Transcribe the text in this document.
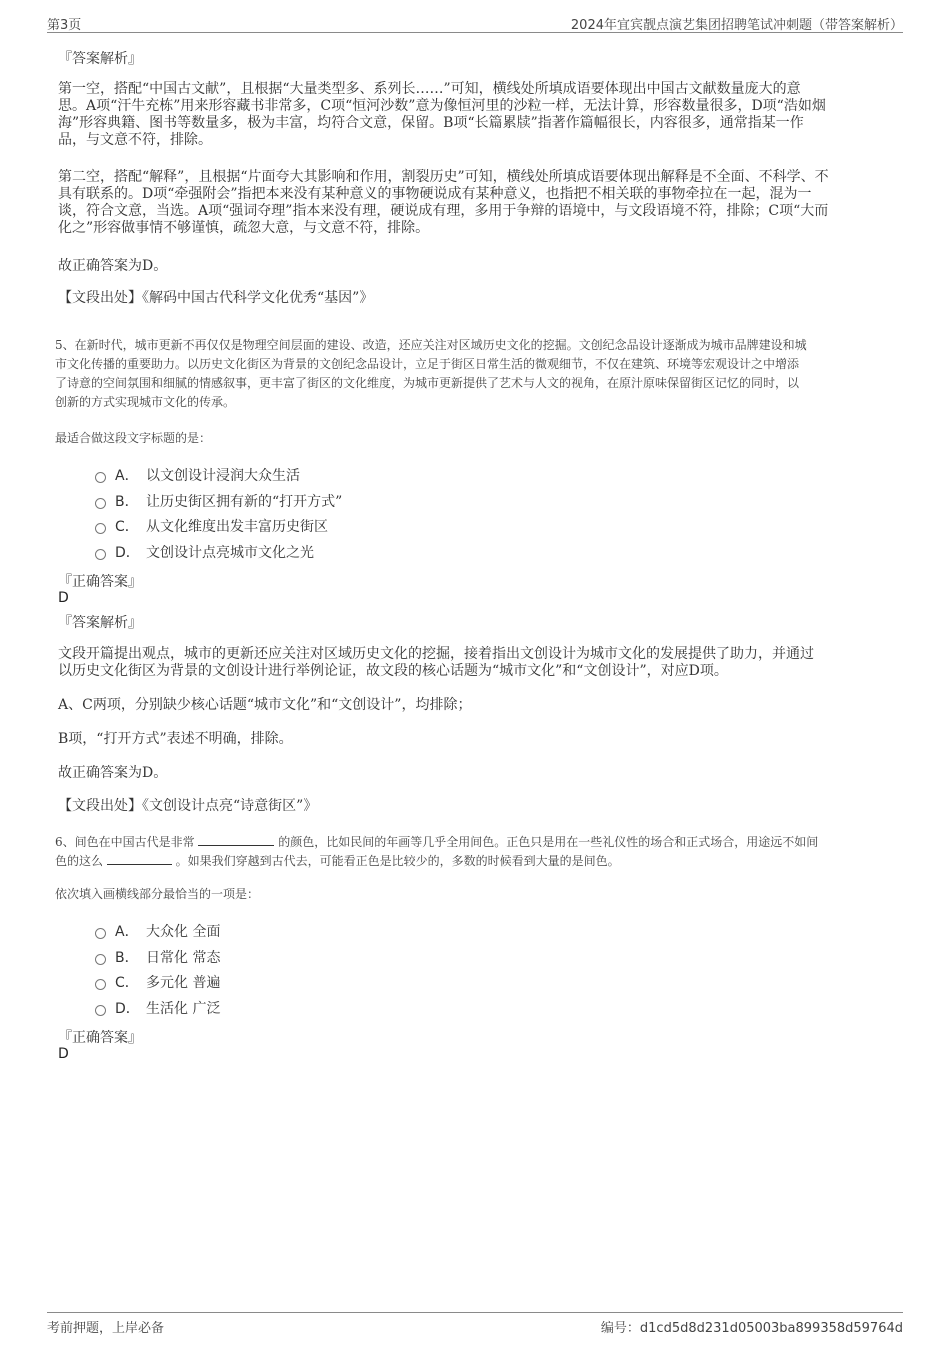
第3页	2024年宜宾靓点演艺集团招聘笔试冲刺题（带答案解析）
『答案解析』
第一空，搭配“中国古文献”，且根据“大量类型多、系列长……”可知，横线处所填成语要体现出中国古文献数量庞大的意
思。A项“汗牛充栋”用来形容藏书非常多，C项“恒河沙数”意为像恒河里的沙粒一样，无法计算，形容数量很多，D项“浩如烟
海”形容典籍、图书等数量多，极为丰富，均符合文意，保留。B项“长篇累牍”指著作篇幅很长，内容很多，通常指某一作
品，与文意不符，排除。
第二空，搭配“解释”，且根据“片面夸大其影响和作用，割裂历史”可知，横线处所填成语要体现出解释是不全面、不科学、不
具有联系的。D项“牵强附会”指把本来没有某种意义的事物硬说成有某种意义，也指把不相关联的事物牵拉在一起，混为一
谈，符合文意，当选。A项“强词夺理”指本来没有理，硬说成有理，多用于争辩的语境中，与文段语境不符，排除；C项“大而
化之”形容做事情不够谨慎，疏忽大意，与文意不符，排除。
故正确答案为D。
【文段出处】《解码中国古代科学文化优秀“基因”》
5、在新时代，城市更新不再仅仅是物理空间层面的建设、改造，还应关注对区域历史文化的挖掘。文创纪念品设计逐渐成为城市品牌建设和城
市文化传播的重要助力。以历史文化街区为背景的文创纪念品设计，立足于街区日常生活的微观细节，不仅在建筑、环境等宏观设计之中增添
了诗意的空间氛围和细腻的情感叙事，更丰富了街区的文化维度，为城市更新提供了艺术与人文的视角，在原汁原味保留街区记忆的同时，以
创新的方式实现城市文化的传承。
最适合做这段文字标题的是：
A． 以文创设计浸润大众生活
B． 让历史街区拥有新的“打开方式”
C． 从文化维度出发丰富历史街区
D． 文创设计点亮城市文化之光
『正确答案』
D
『答案解析』
文段开篇提出观点，城市的更新还应关注对区域历史文化的挖掘，接着指出文创设计为城市文化的发展提供了助力，并通过
以历史文化街区为背景的文创设计进行举例论证，故文段的核心话题为“城市文化”和“文创设计”，对应D项。
A、C两项，分别缺少核心话题“城市文化”和“文创设计”，均排除；
B项，“打开方式”表述不明确，排除。
故正确答案为D。
【文段出处】《文创设计点亮“诗意街区”》
6、间色在中国古代是非常	的颜色，比如民间的年画等几乎全用间色。正色只是用在一些礼仪性的场合和正式场合，用途远不如间
色的这么	。如果我们穿越到古代去，可能看正色是比较少的，多数的时候看到大量的是间色。
依次填入画横线部分最恰当的一项是：
A． 大众化 全面
B． 日常化 常态
C． 多元化 普遍
D． 生活化 广泛
『正确答案』
D
考前押题，上岸必备	编号：d1cd5d8d231d05003ba899358d59764d
